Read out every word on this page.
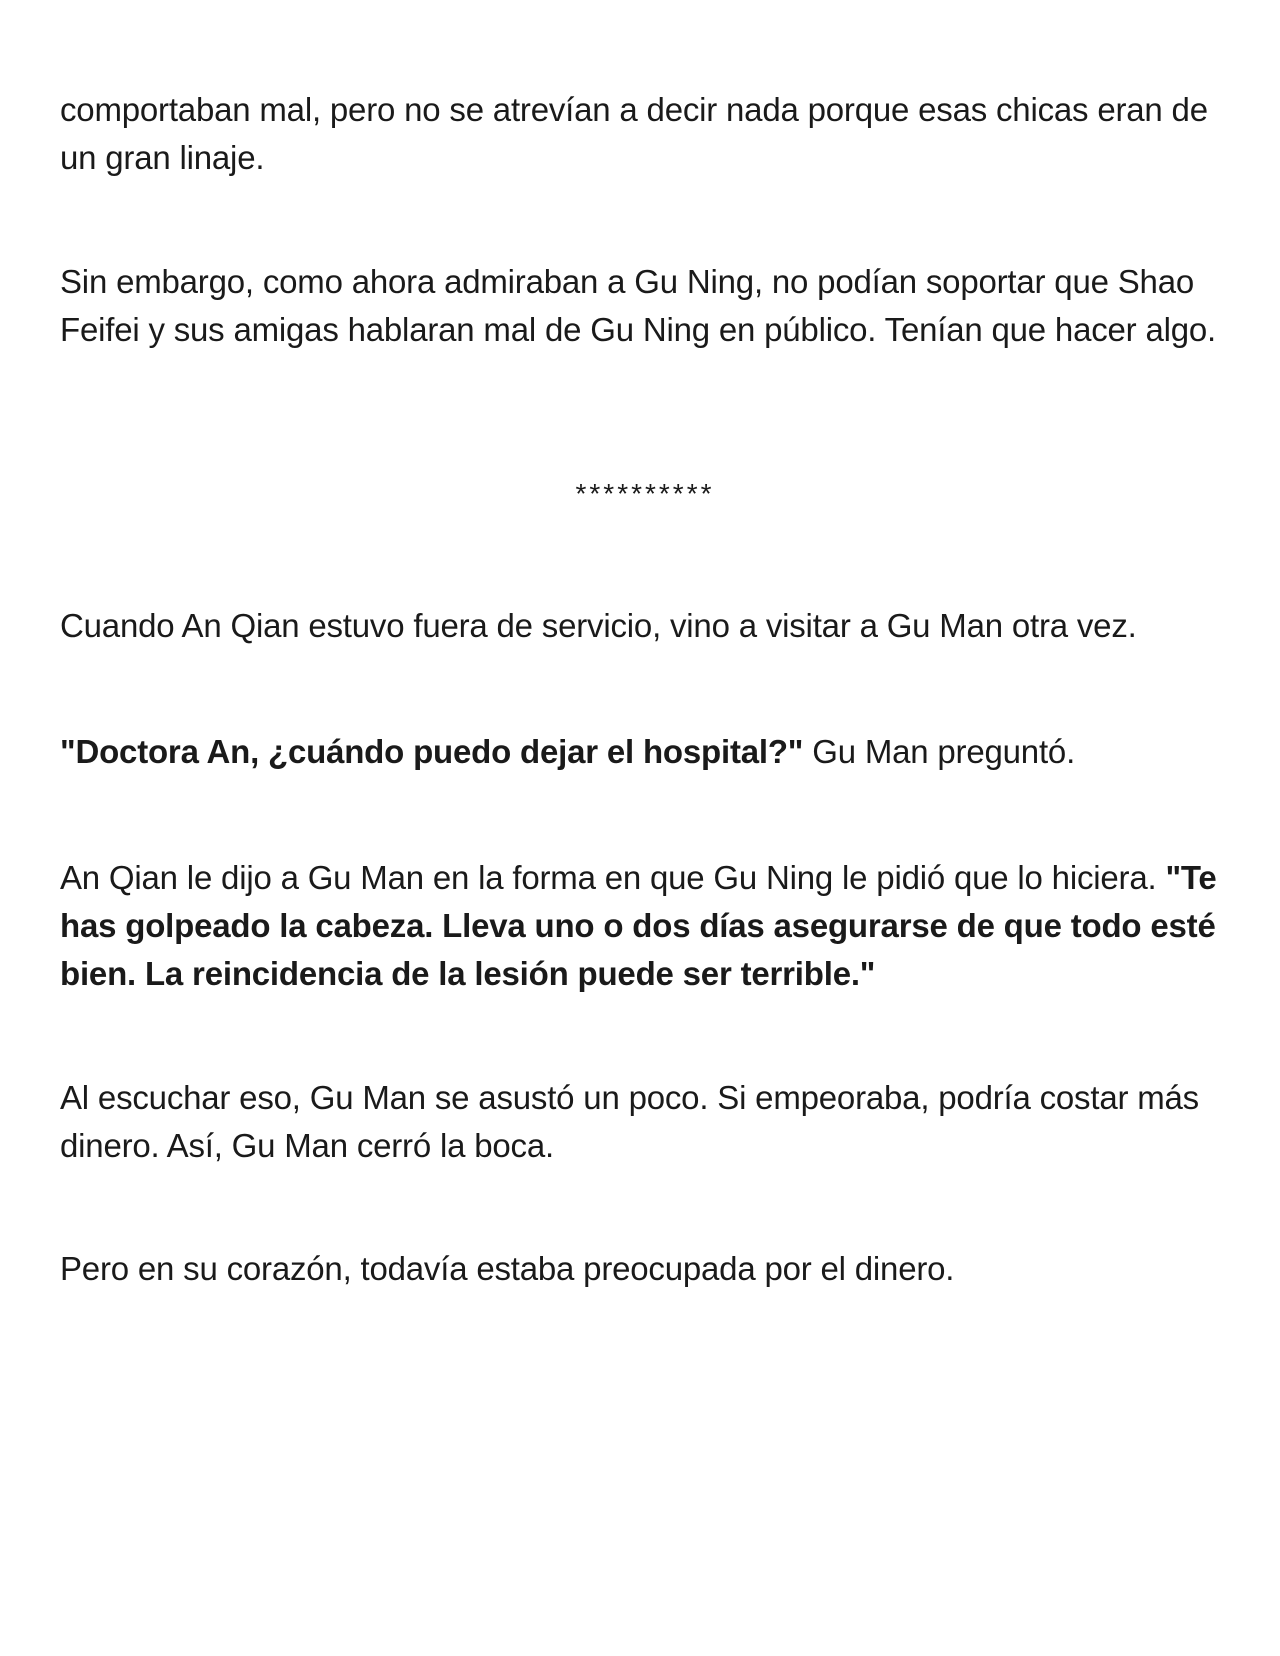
comportaban mal, pero no se atrevían a decir nada porque esas chicas eran de un gran linaje.

Sin embargo, como ahora admiraban a Gu Ning, no podían soportar que Shao Feifei y sus amigas hablaran mal de Gu Ning en público. Tenían que hacer algo.

**********

Cuando An Qian estuvo fuera de servicio, vino a visitar a Gu Man otra vez.

"Doctora An, ¿cuándo puedo dejar el hospital?" Gu Man preguntó.

An Qian le dijo a Gu Man en la forma en que Gu Ning le pidió que lo hiciera. "Te has golpeado la cabeza. Lleva uno o dos días asegurarse de que todo esté bien. La reincidencia de la lesión puede ser terrible."

Al escuchar eso, Gu Man se asustó un poco. Si empeoraba, podría costar más dinero. Así, Gu Man cerró la boca.

Pero en su corazón, todavía estaba preocupada por el dinero.
